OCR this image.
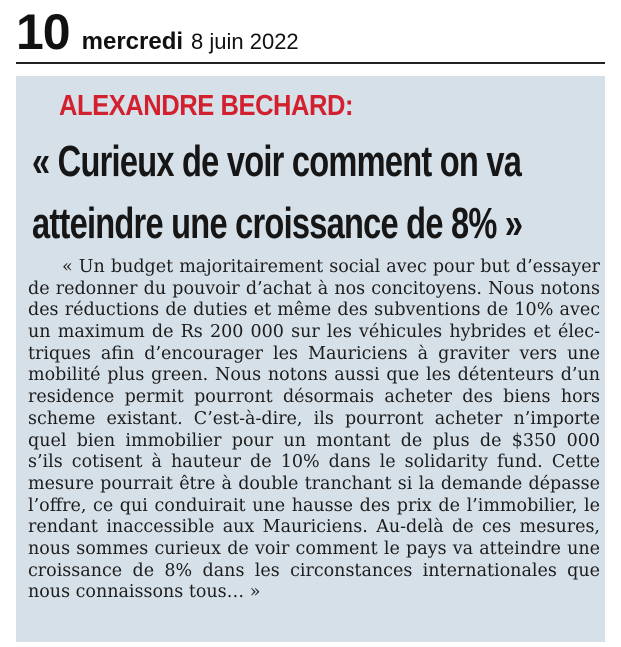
10 mercredi 8 juin 2022
ALEXANDRE BECHARD:
« Curieux de voir comment on va
atteindre une croissance de 8% »
« Un budget majoritairement social avec pour but d’essayer
de redonner du pouvoir d’achat à nos concitoyens. Nous notons
des réductions de duties et même des subventions de 10% avec
un maximum de Rs 200 000 sur les véhicules hybrides et élec-
triques afin d’encourager les Mauriciens à graviter vers une
mobilité plus green. Nous notons aussi que les détenteurs d’un
residence permit pourront désormais acheter des biens hors
scheme existant. C’est-à-dire, ils pourront acheter n’importe
quel bien immobilier pour un montant de plus de $350 000
s’ils cotisent à hauteur de 10% dans le solidarity fund. Cette
mesure pourrait être à double tranchant si la demande dépasse
l’offre, ce qui conduirait une hausse des prix de l’immobilier, le
rendant inaccessible aux Mauriciens. Au-delà de ces mesures,
nous sommes curieux de voir comment le pays va atteindre une
croissance de 8% dans les circonstances internationales que
nous connaissons tous… »
